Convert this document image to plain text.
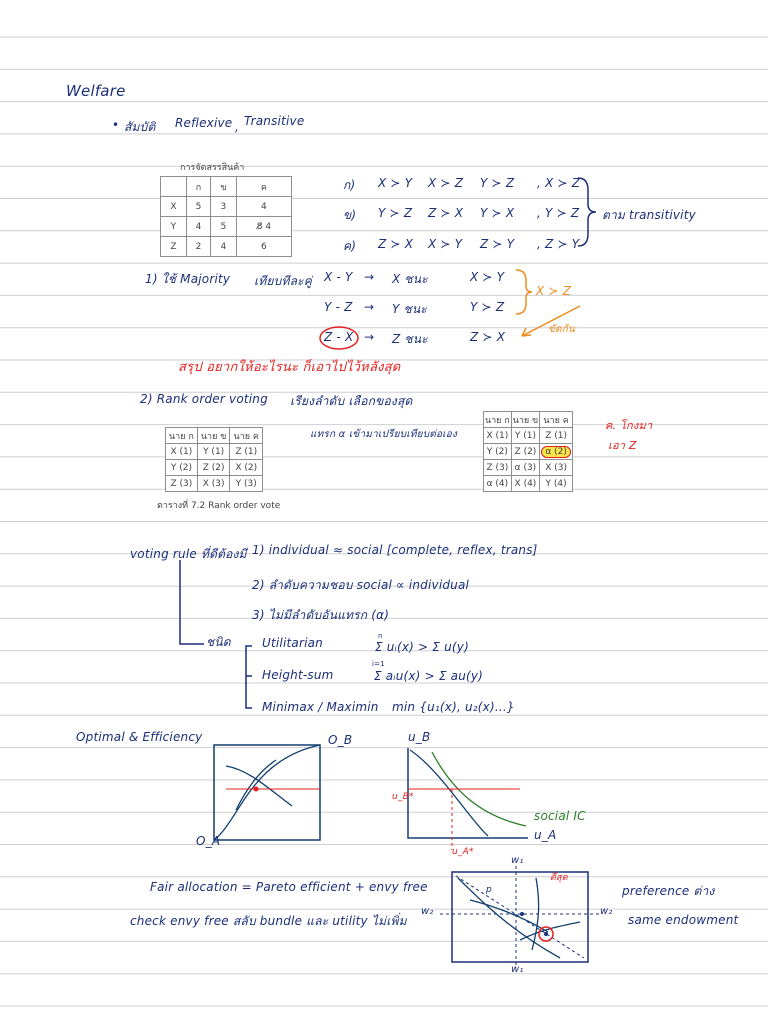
Welfare
• สัมบัติ Reflexive , Transitive
การจัดสรรสินค้า
	ก	ข	ค
X	5	3	4
Y	4	5	8̸ 4
Z	2	4	6
ก) X ≻ Y X ≻ Z Y ≻ Z , X ≻ Z
ข) Y ≻ Z Z ≻ X Y ≻ X , Y ≻ Z
ค) Z ≻ X X ≻ Y Z ≻ Y , Z ≻ Y
ตาม transitivity
1) ใช้ Majority เทียบทีละคู่ X - Y → X ชนะ	X ≻ Y
Y - Z → Y ชนะ	Y ≻ Z
Z - X → Z ชนะ	Z ≻ X
X ≻ Z
ขัดกัน
สรุป อยากให้อะไรนะ ก็เอาไปไว้หลังสุด
2) Rank order voting เรียงลำดับ เลือกของสุด
แทรก α เข้ามาเปรียบเทียบต่อเอง
นาย ก	นาย ข	นาย ค
X (1)	Y (1)	Z (1)
Y (2)	Z (2)	X (2)
Z (3)	X (3)	Y (3)
ตารางที่ 7.2 Rank order vote
นาย ก	นาย ข	นาย ค
X (1)	Y (1)	Z (1)
Y (2)	Z (2)	α (2)
Z (3)	α (3)	X (3)
α (4)	X (4)	Y (4)
ค. โกงมา
เอา Z
voting rule ที่ดีต้องมี 1) individual ≈ social [complete, reflex, trans]
2) ลำดับความชอบ social ∝ individual
3) ไม่มีลำดับอันแทรก (α)
ชนิด	Utilitarian	n
i=1
Σ uᵢ(x) > Σ u(y)
Height-sum	Σ aᵢu(x) > Σ au(y)
Minimax / Maximin min {u₁(x), u₂(x)...}
Optimal & Efficiency	O_B
O_A
u_B
u_A
u_B*
u_A*
social IC
Fair allocation = Pareto efficient + envy free
check envy free สลับ bundle และ utility ไม่เพิ่ม
w₁
w₁
w₂	w₂
p
ดีสุด
preference ต่าง
same endowment
